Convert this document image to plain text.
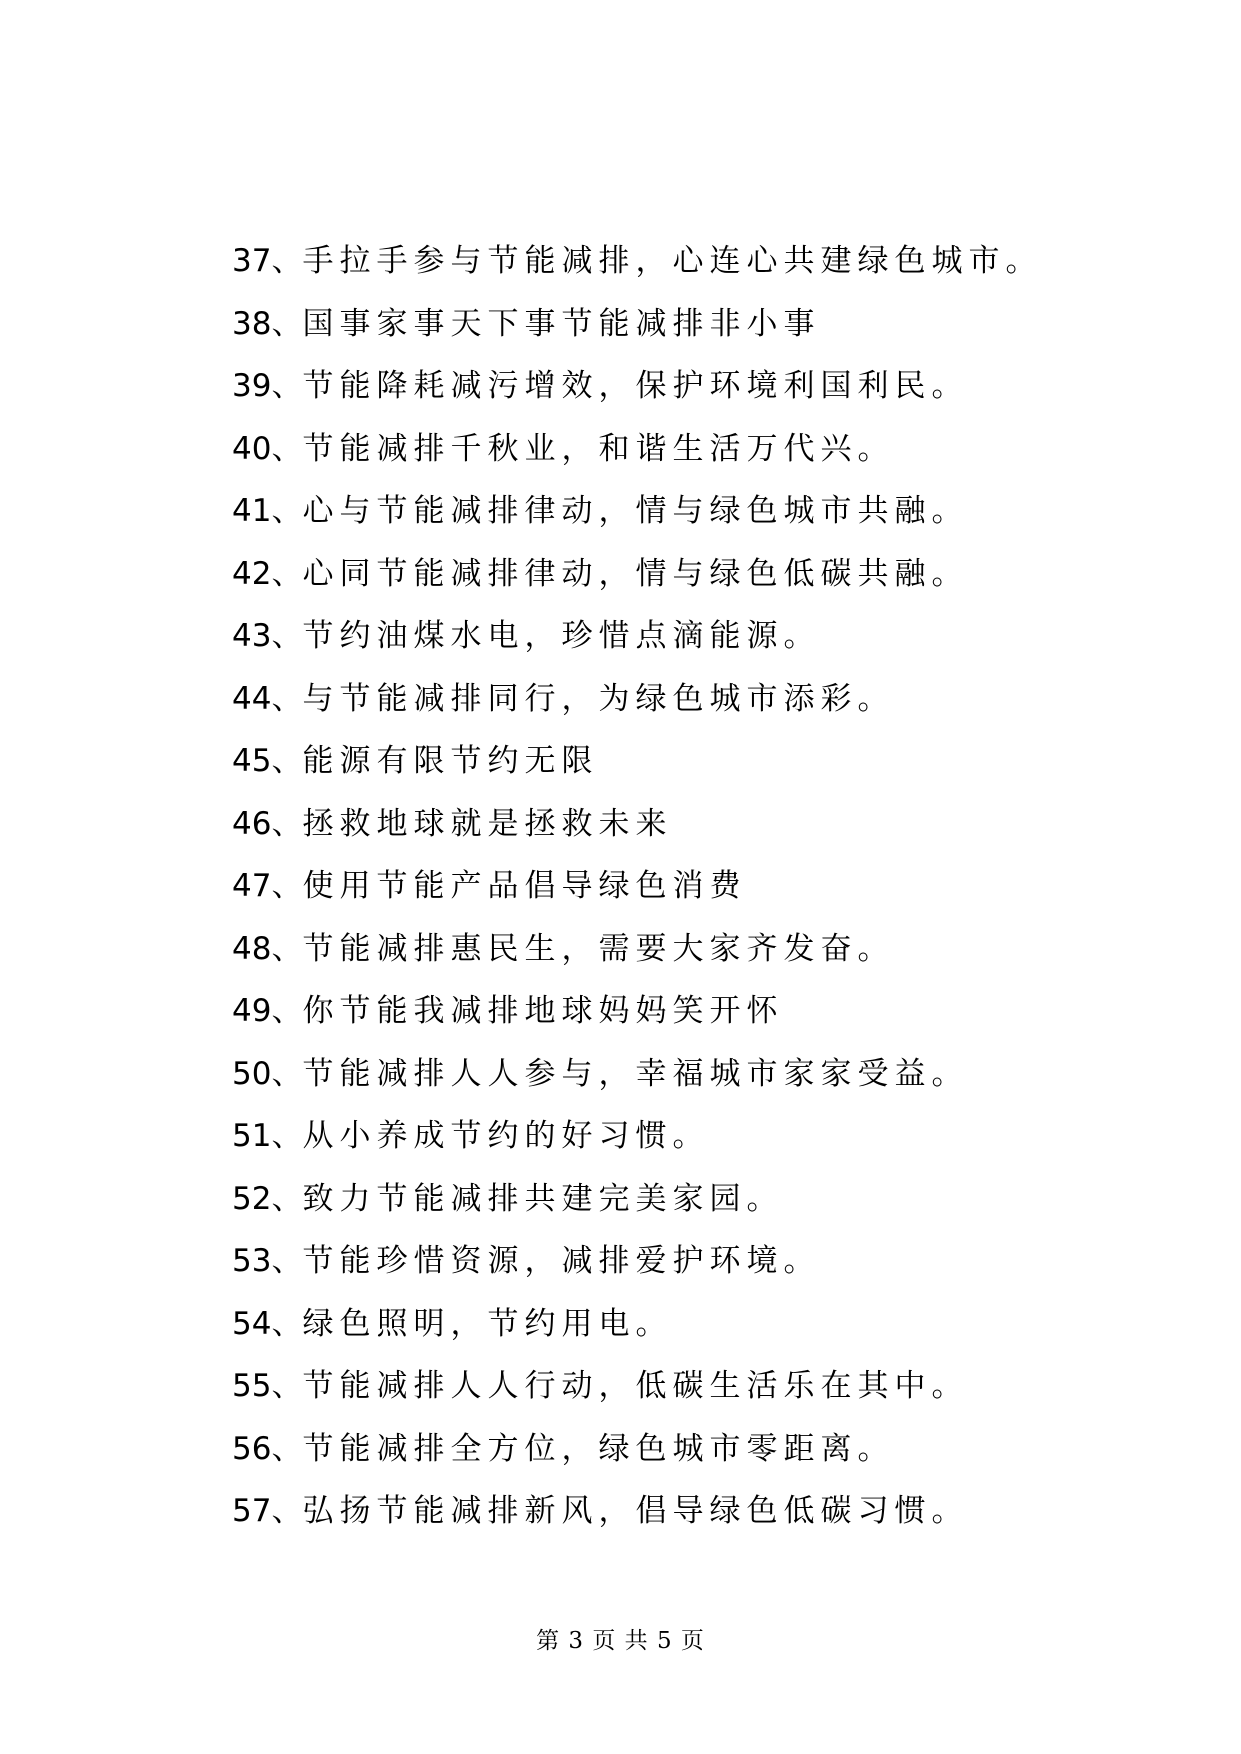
37、手拉手参与节能减排，心连心共建绿色城市。
38、国事家事天下事节能减排非小事
39、节能降耗减污增效，保护环境利国利民。
40、节能减排千秋业，和谐生活万代兴。
41、心与节能减排律动，情与绿色城市共融。
42、心同节能减排律动，情与绿色低碳共融。
43、节约油煤水电，珍惜点滴能源。
44、与节能减排同行，为绿色城市添彩。
45、能源有限节约无限
46、拯救地球就是拯救未来
47、使用节能产品倡导绿色消费
48、节能减排惠民生，需要大家齐发奋。
49、你节能我减排地球妈妈笑开怀
50、节能减排人人参与，幸福城市家家受益。
51、从小养成节约的好习惯。
52、致力节能减排共建完美家园。
53、节能珍惜资源，减排爱护环境。
54、绿色照明，节约用电。
55、节能减排人人行动，低碳生活乐在其中。
56、节能减排全方位，绿色城市零距离。
57、弘扬节能减排新风，倡导绿色低碳习惯。
第 3 页 共 5 页
